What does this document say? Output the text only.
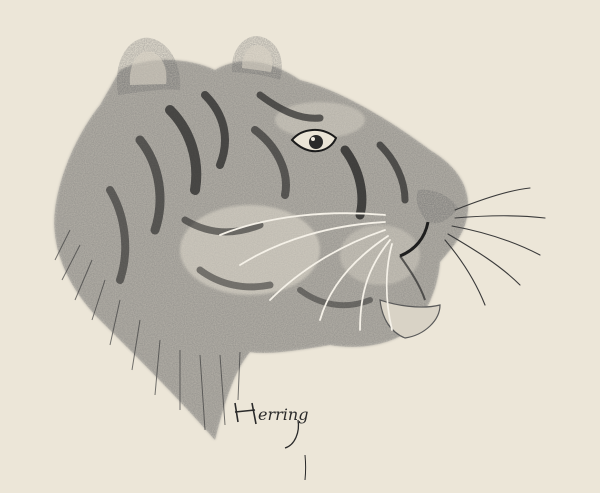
erring
